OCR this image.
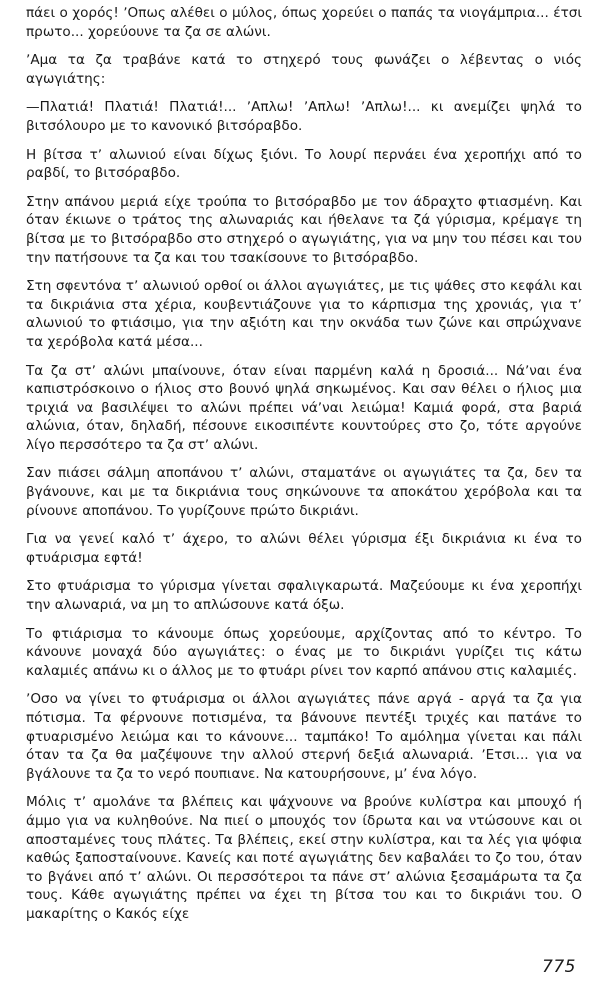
πάει ο χορός! ʼΟπως αλέθει ο μύλος, όπως χορεύει ο παπάς τα νιογάμπρια... έτσι πρωτο... χορεύουνε τα ζα σε αλώνι.

ʼΑμα τα ζα τραβάνε κατά το στηχερό τους φωνάζει ο λέβεντας ο νιός αγωγιάτης:

—Πλατιά! Πλατιά! Πλατιά!... ʼΑπλω! ʼΑπλω! ʼΑπλω!... κι ανεμίζει ψηλά το βιτσόλουρο με το κανονικό βιτσόραβδο.

Η βίτσα τʼ αλωνιού είναι δίχως ξιόνι. Το λουρί περνάει ένα χεροπήχι από το ραβδί, το βιτσόραβδο.

Στην απάνου μεριά είχε τρούπα το βιτσόραβδο με τον άδραχτο φτιασμένη. Και όταν έκιωνε ο τράτος της αλωναριάς και ήθελανε τα ζά γύρισμα, κρέμαγε τη βίτσα με το βιτσόραβδο στο στηχερό ο αγωγιάτης, για να μην του πέσει και του την πατήσουνε τα ζα και του τσακίσουνε το βιτσόραβδο.

Στη σφεντόνα τʼ αλωνιού ορθοί οι άλλοι αγωγιάτες, με τις ψάθες στο κεφάλι και τα δικριάνια στα χέρια, κουβεντιάζουνε για το κάρπισμα της χρονιάς, για τʼ αλωνιού το φτιάσιμο, για την αξιότη και την οκνάδα των ζώνε και σπρώχνανε τα χερόβολα κατά μέσα...

Τα ζα στʼ αλώνι μπαίνουνε, όταν είναι παρμένη καλά η δροσιά... Νάʼναι ένα καπιστρόσκοινο ο ήλιος στο βουνό ψηλά σηκωμένος. Και σαν θέλει ο ήλιος μια τριχιά να βασιλέψει το αλώνι πρέπει νάʼναι λειώμα! Καμιά φορά, στα βαριά αλώνια, όταν, δηλαδή, πέσουνε εικοσιπέντε κουντούρες στο ζο, τότε αργούνε λίγο περσσότερο τα ζα στʼ αλώνι.

Σαν πιάσει σάλμη αποπάνου τʼ αλώνι, σταματάνε οι αγωγιάτες τα ζα, δεν τα βγάνουνε, και με τα δικριάνια τους σηκώνουνε τα αποκάτου χερόβολα και τα ρίνουνε αποπάνου. Το γυρίζουνε πρώτο δικριάνι.

Για να γενεί καλό τʼ άχερο, το αλώνι θέλει γύρισμα έξι δικριάνια κι ένα το φτυάρισμα εφτά!

Στο φτυάρισμα το γύρισμα γίνεται σφαλιγκαρωτά. Μαζεύουμε κι ένα χεροπήχι την αλωναριά, να μη το απλώσουνε κατά όξω.

Το φτιάρισμα το κάνουμε όπως χορεύουμε, αρχίζοντας από το κέντρο. Το κάνουνε μοναχά δύο αγωγιάτες: ο ένας με το δικριάνι γυρίζει τις κάτω καλαμιές απάνω κι ο άλλος με το φτυάρι ρίνει τον καρπό απάνου στις καλαμιές.

ʼΟσο να γίνει το φτυάρισμα οι άλλοι αγωγιάτες πάνε αργά - αργά τα ζα για πότισμα. Τα φέρνουνε ποτισμένα, τα βάνουνε πεντέξι τριχές και πατάνε το φτυαρισμένο λειώμα και το κάνουνε... ταμπάκο! Το αμόλημα γίνεται και πάλι όταν τα ζα θα μαζέψουνε την αλλού στερνή δεξιά αλωναριά. ʼΕτσι... για να βγάλουνε τα ζα το νερό πουπιανε. Να κατουρήσουνε, μʼ ένα λόγο.

Μόλις τʼ αμολάνε τα βλέπεις και ψάχνουνε να βρούνε κυλίστρα και μπουχό ή άμμο για να κυληθούνε. Να πιεί ο μπουχός τον ίδρωτα και να ντώσουνε και οι αποσταμένες τους πλάτες. Τα βλέπεις, εκεί στην κυλίστρα, και τα λές για ψόφια καθώς ξαποσταίνουνε. Κανείς και ποτέ αγωγιάτης δεν καβαλάει το ζο του, όταν το βγάνει από τʼ αλώνι. Οι περσσότεροι τα πάνε στʼ αλώνια ξεσαμάρωτα τα ζα τους. Κάθε αγωγιάτης πρέπει να έχει τη βίτσα του και το δικριάνι του. Ο μακαρίτης ο Κακός είχε

775
